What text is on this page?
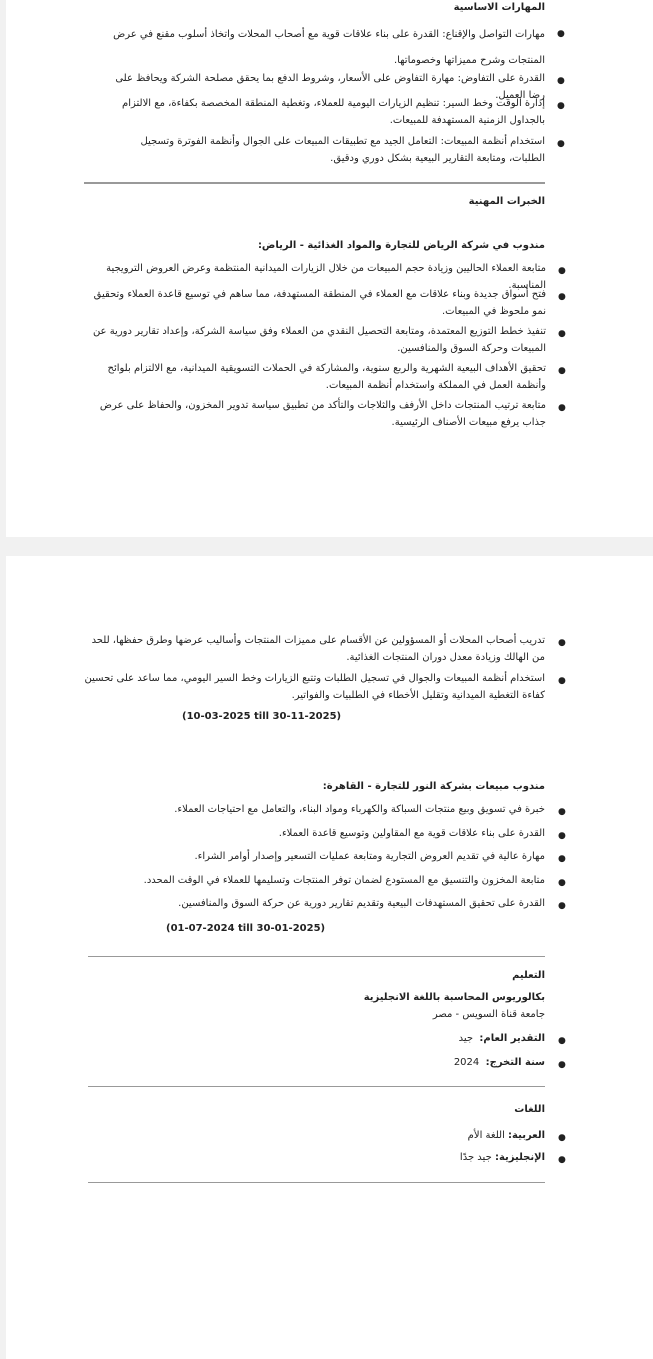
المهارات الاساسية

●

مهارات التواصل والإقناع: القدرة على بناء علاقات قوية مع أصحاب المحلات واتخاذ أسلوب مقنع في عرض المنتجات وشرح مميزاتها وخصوماتها.

●

القدرة على التفاوض: مهارة التفاوض على الأسعار، وشروط الدفع بما يحقق مصلحة الشركة ويحافظ على رضا العميل.

●

إدارة الوقت وخط السير: تنظيم الزيارات اليومية للعملاء، وتغطية المنطقة المخصصة بكفاءة، مع الالتزام بالجداول الزمنية المستهدفة للمبيعات.

●

استخدام أنظمة المبيعات: التعامل الجيد مع تطبيقات المبيعات على الجوال وأنظمة الفوترة وتسجيل الطلبات، ومتابعة التقارير البيعية بشكل دوري ودقيق.

الخبرات المهنية

مندوب في شركة الرياض للتجارة والمواد الغذائية - الرياض:

●

متابعة العملاء الحاليين وزيادة حجم المبيعات من خلال الزيارات الميدانية المنتظمة وعرض العروض الترويجية المناسبة.

●

فتح أسواق جديدة وبناء علاقات مع العملاء في المنطقة المستهدفة، مما ساهم في توسيع قاعدة العملاء وتحقيق نمو ملحوظ في المبيعات.

●

تنفيذ خطط التوزيع المعتمدة، ومتابعة التحصيل النقدي من العملاء وفق سياسة الشركة، وإعداد تقارير دورية عن المبيعات وحركة السوق والمنافسين.

●

تحقيق الأهداف البيعية الشهرية والربع سنوية، والمشاركة في الحملات التسويقية الميدانية، مع الالتزام بلوائح وأنظمة العمل في المملكة واستخدام أنظمة المبيعات.

●

متابعة ترتيب المنتجات داخل الأرفف والثلاجات والتأكد من تطبيق سياسة تدوير المخزون، والحفاظ على عرض جذاب يرفع مبيعات الأصناف الرئيسية.

●

تدريب أصحاب المحلات أو المسؤولين عن الأقسام على مميزات المنتجات وأساليب عرضها وطرق حفظها، للحد من الهالك وزيادة معدل دوران المنتجات الغذائية.

●

استخدام أنظمة المبيعات والجوال في تسجيل الطلبات وتتبع الزيارات وخط السير اليومي، مما ساعد على تحسين كفاءة التغطية الميدانية وتقليل الأخطاء في الطلبيات والفواتير.

(10-03-2025 till 30-11-2025)

مندوب مبيعات بشركة النور للتجارة - القاهرة:

●

خبرة في تسويق وبيع منتجات السباكة والكهرباء ومواد البناء، والتعامل مع احتياجات العملاء.

●

القدرة على بناء علاقات قوية مع المقاولين وتوسيع قاعدة العملاء.

●

مهارة عالية في تقديم العروض التجارية ومتابعة عمليات التسعير وإصدار أوامر الشراء.

●

متابعة المخزون والتنسيق مع المستودع لضمان توفر المنتجات وتسليمها للعملاء في الوقت المحدد.

●

القدرة على تحقيق المستهدفات البيعية وتقديم تقارير دورية عن حركة السوق والمنافسين.

(01-07-2024 till 30-01-2025)

التعليم

بكالوريوس المحاسبة باللغة الانجليزية

جامعة قناة السويس - مصر

●

التقدير العام:  جيد

●

سنة التخرج:  2024

اللغات

●

العربية: اللغة الأم

●

الإنجليزية: جيد جدًا
